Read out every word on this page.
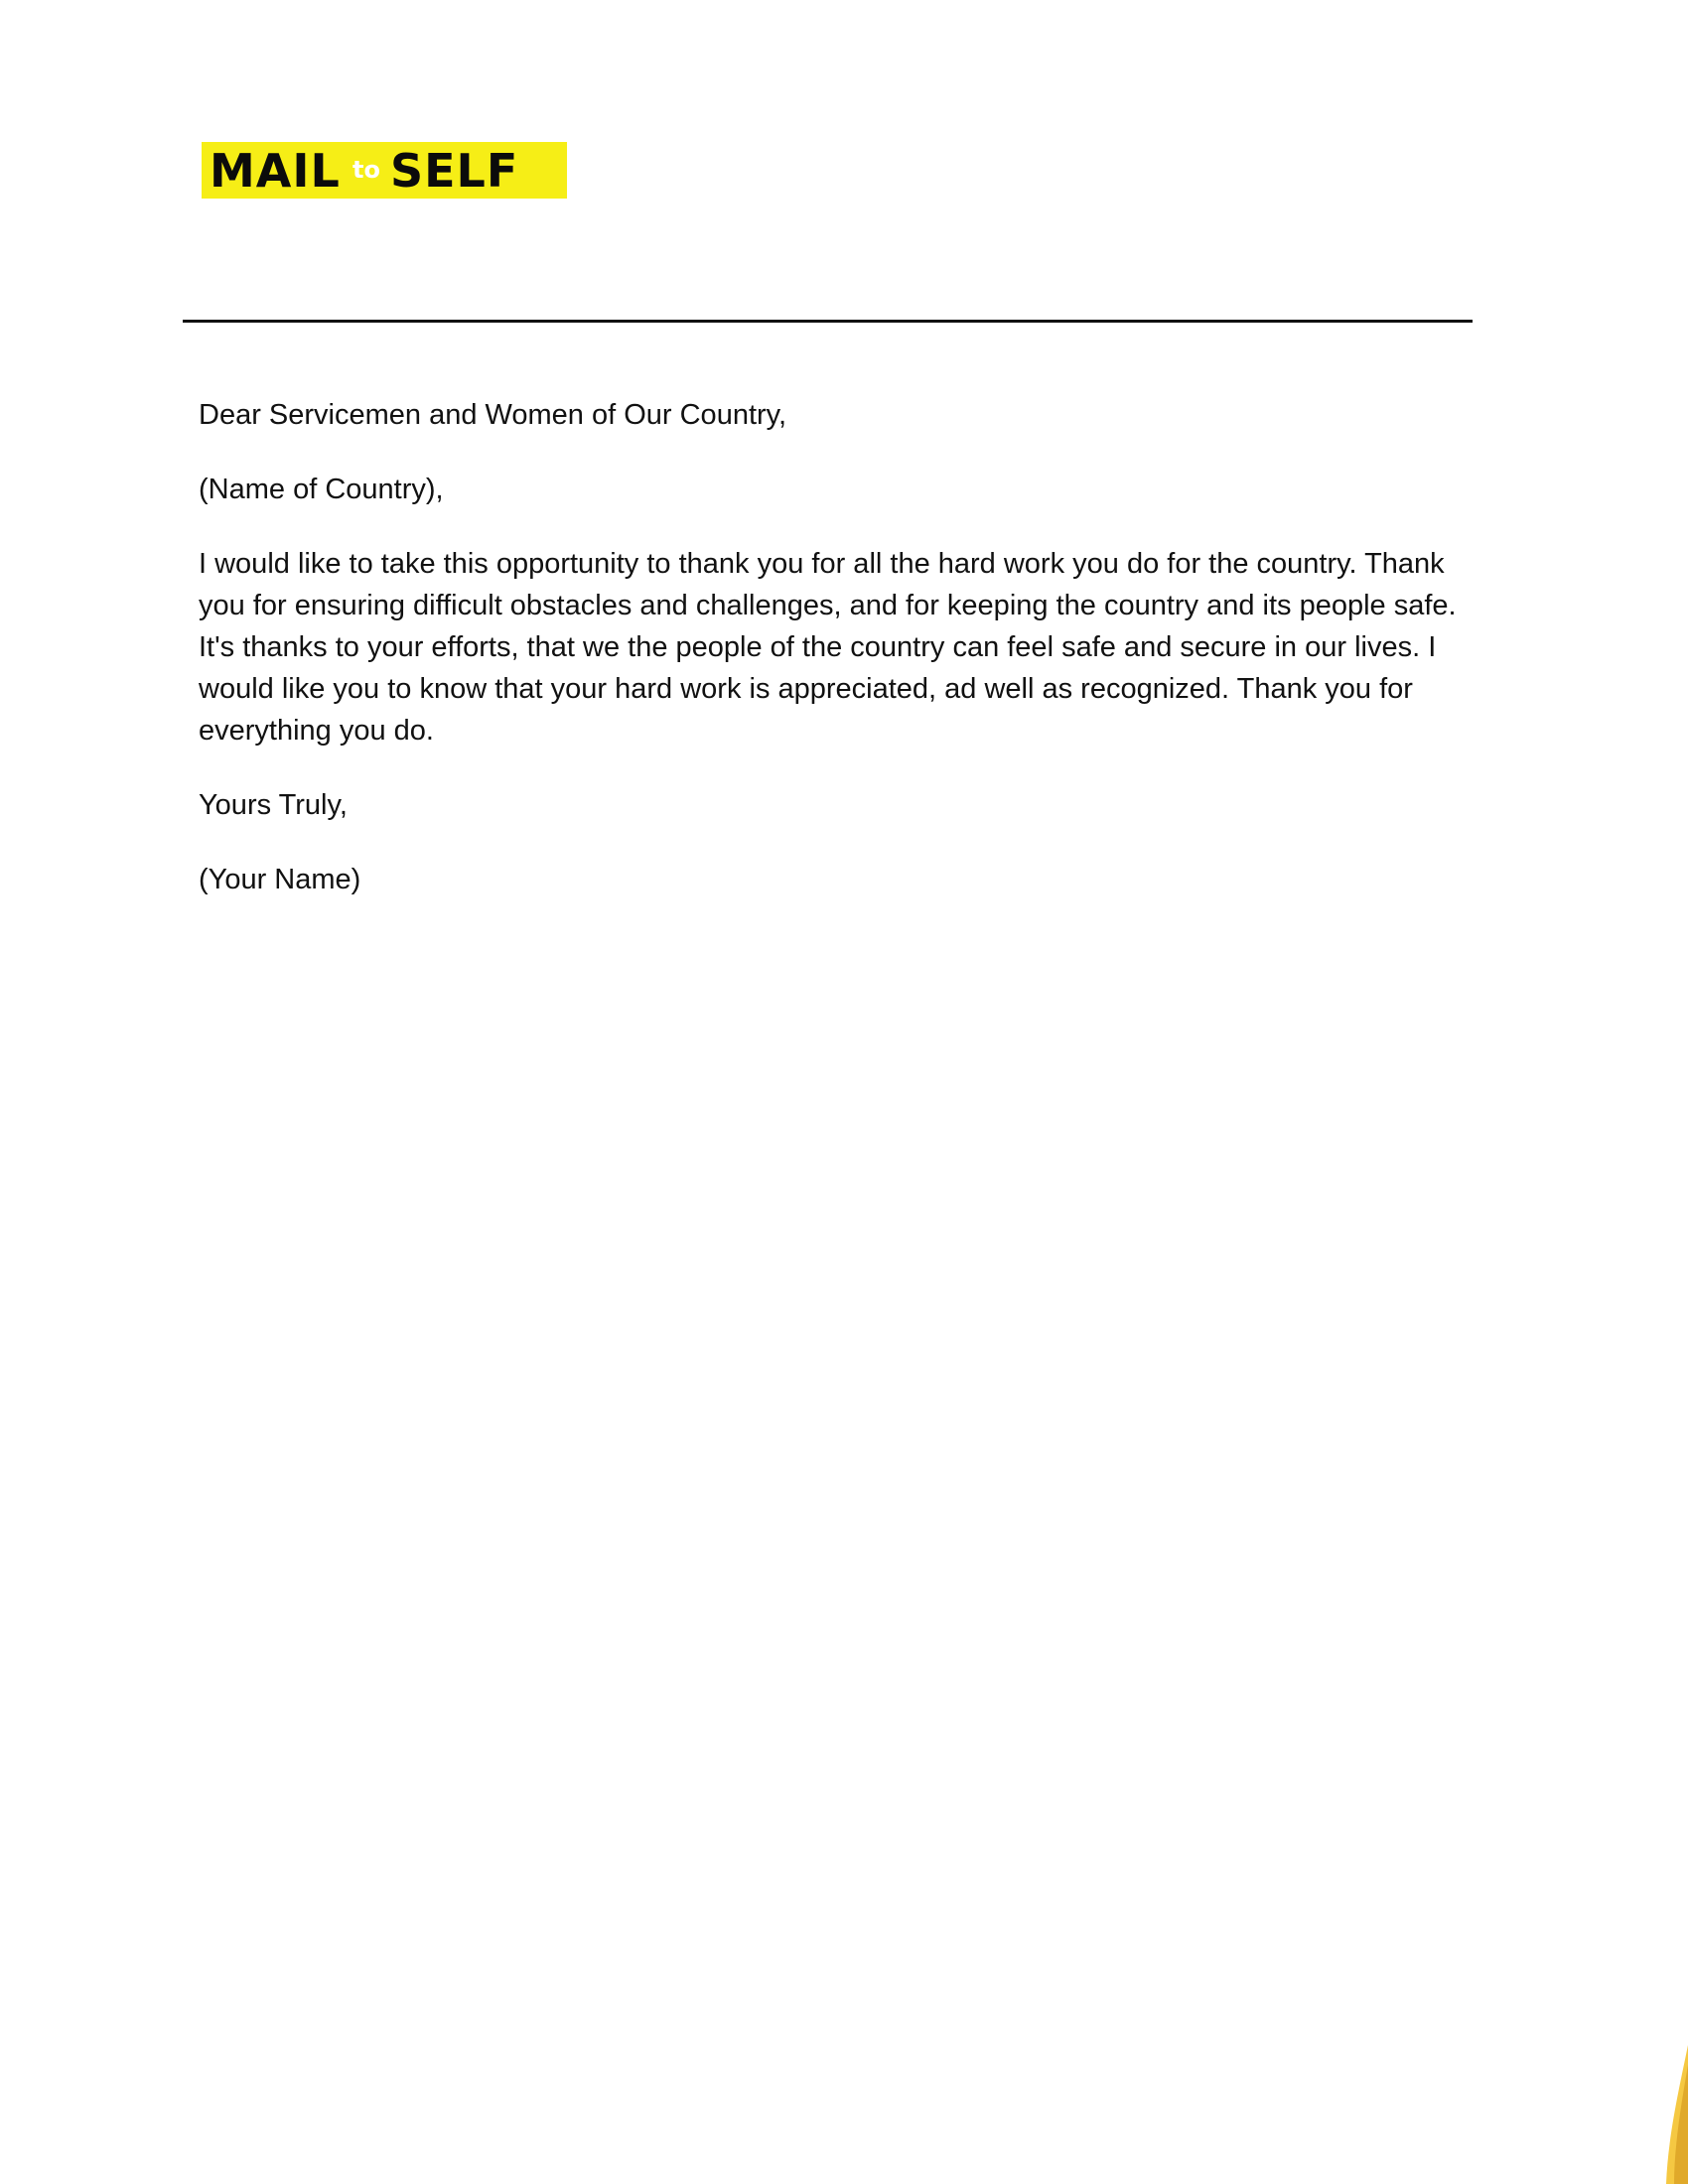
MAIL to SELF

Dear Servicemen and Women of Our Country,

(Name of Country),

I would like to take this opportunity to thank you for all the hard work you do for the country. Thank you for ensuring difficult obstacles and challenges, and for keeping the country and its people safe. It's thanks to your efforts, that we the people of the country can feel safe and secure in our lives. I would like you to know that your hard work is appreciated, ad well as recognized. Thank you for everything you do.

Yours Truly,

(Your Name)
